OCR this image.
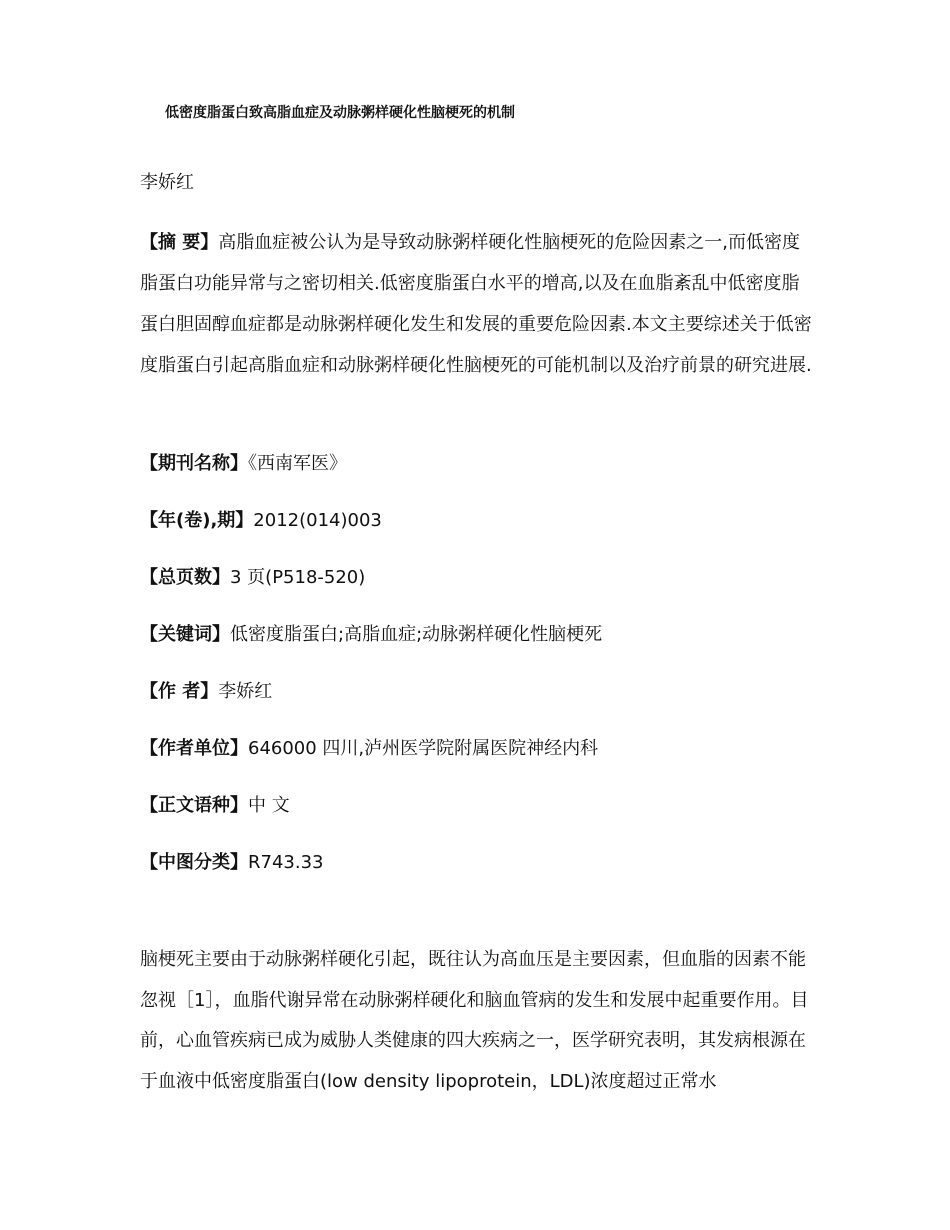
低密度脂蛋白致高脂血症及动脉粥样硬化性脑梗死的机制
李娇红

【摘 要】高脂血症被公认为是导致动脉粥样硬化性脑梗死的危险因素之一,而低密度脂蛋白功能异常与之密切相关.低密度脂蛋白水平的增高,以及在血脂紊乱中低密度脂蛋白胆固醇血症都是动脉粥样硬化发生和发展的重要危险因素.本文主要综述关于低密度脂蛋白引起高脂血症和动脉粥样硬化性脑梗死的可能机制以及治疗前景的研究进展.

【期刊名称】《西南军医》
【年(卷),期】2012(014)003
【总页数】3 页(P518-520)
【关键词】低密度脂蛋白;高脂血症;动脉粥样硬化性脑梗死
【作 者】李娇红
【作者单位】646000 四川,泸州医学院附属医院神经内科
【正文语种】中 文
【中图分类】R743.33

脑梗死主要由于动脉粥样硬化引起，既往认为高血压是主要因素，但血脂的因素不能忽视［1］，血脂代谢异常在动脉粥样硬化和脑血管病的发生和发展中起重要作用。目前，心血管疾病已成为威胁人类健康的四大疾病之一，医学研究表明，其发病根源在于血液中低密度脂蛋白(low density lipoprotein，LDL)浓度超过正常水
